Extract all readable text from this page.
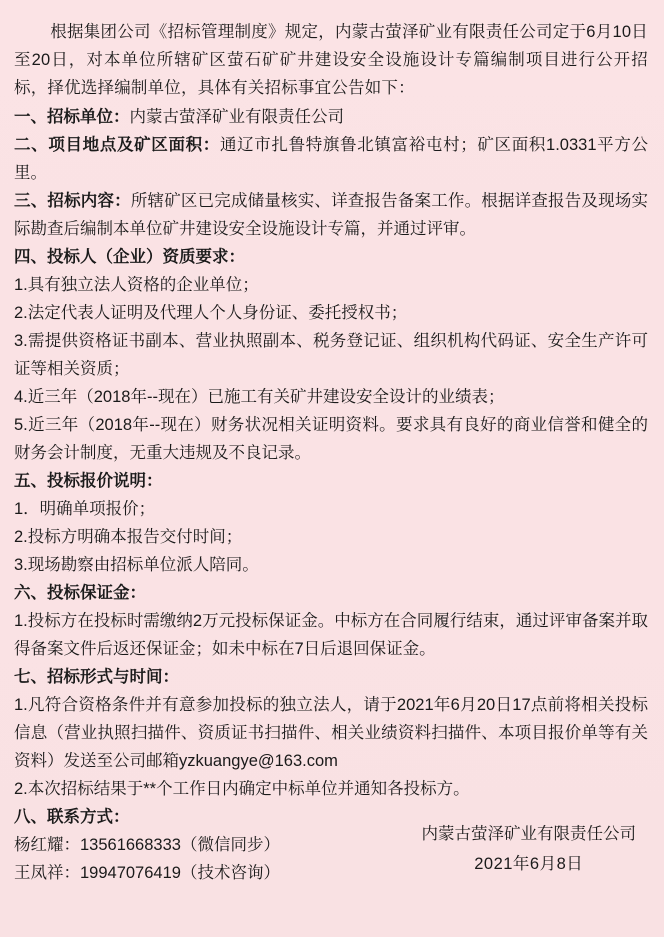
根据集团公司《招标管理制度》规定，内蒙古萤泽矿业有限责任公司定于6月10日至20日，对本单位所辖矿区萤石矿矿井建设安全设施设计专篇编制项目进行公开招标，择优选择编制单位，具体有关招标事宜公告如下：

一、招标单位：内蒙古萤泽矿业有限责任公司

二、项目地点及矿区面积：通辽市扎鲁特旗鲁北镇富裕屯村；矿区面积1.0331平方公里。

三、招标内容：所辖矿区已完成储量核实、详查报告备案工作。根据详查报告及现场实际勘查后编制本单位矿井建设安全设施设计专篇，并通过评审。

四、投标人（企业）资质要求：

1.具有独立法人资格的企业单位；

2.法定代表人证明及代理人个人身份证、委托授权书；

3.需提供资格证书副本、营业执照副本、税务登记证、组织机构代码证、安全生产许可证等相关资质；

4.近三年（2018年--现在）已施工有关矿井建设安全设计的业绩表；

5.近三年（2018年--现在）财务状况相关证明资料。要求具有良好的商业信誉和健全的财务会计制度，无重大违规及不良记录。

五、投标报价说明：

1．明确单项报价；

2.投标方明确本报告交付时间；

3.现场勘察由招标单位派人陪同。

六、投标保证金：

1.投标方在投标时需缴纳2万元投标保证金。中标方在合同履行结束，通过评审备案并取得备案文件后返还保证金；如未中标在7日后退回保证金。

七、招标形式与时间：

1.凡符合资格条件并有意参加投标的独立法人，请于2021年6月20日17点前将相关投标信息（营业执照扫描件、资质证书扫描件、相关业绩资料扫描件、本项目报价单等有关资料）发送至公司邮箱yzkuangye@163.com

2.本次招标结果于**个工作日内确定中标单位并通知各投标方。

八、联系方式：

杨红耀：13561668333（微信同步）

王凤祥：19947076419（技术咨询）

内蒙古萤泽矿业有限责任公司
2021年6月8日
